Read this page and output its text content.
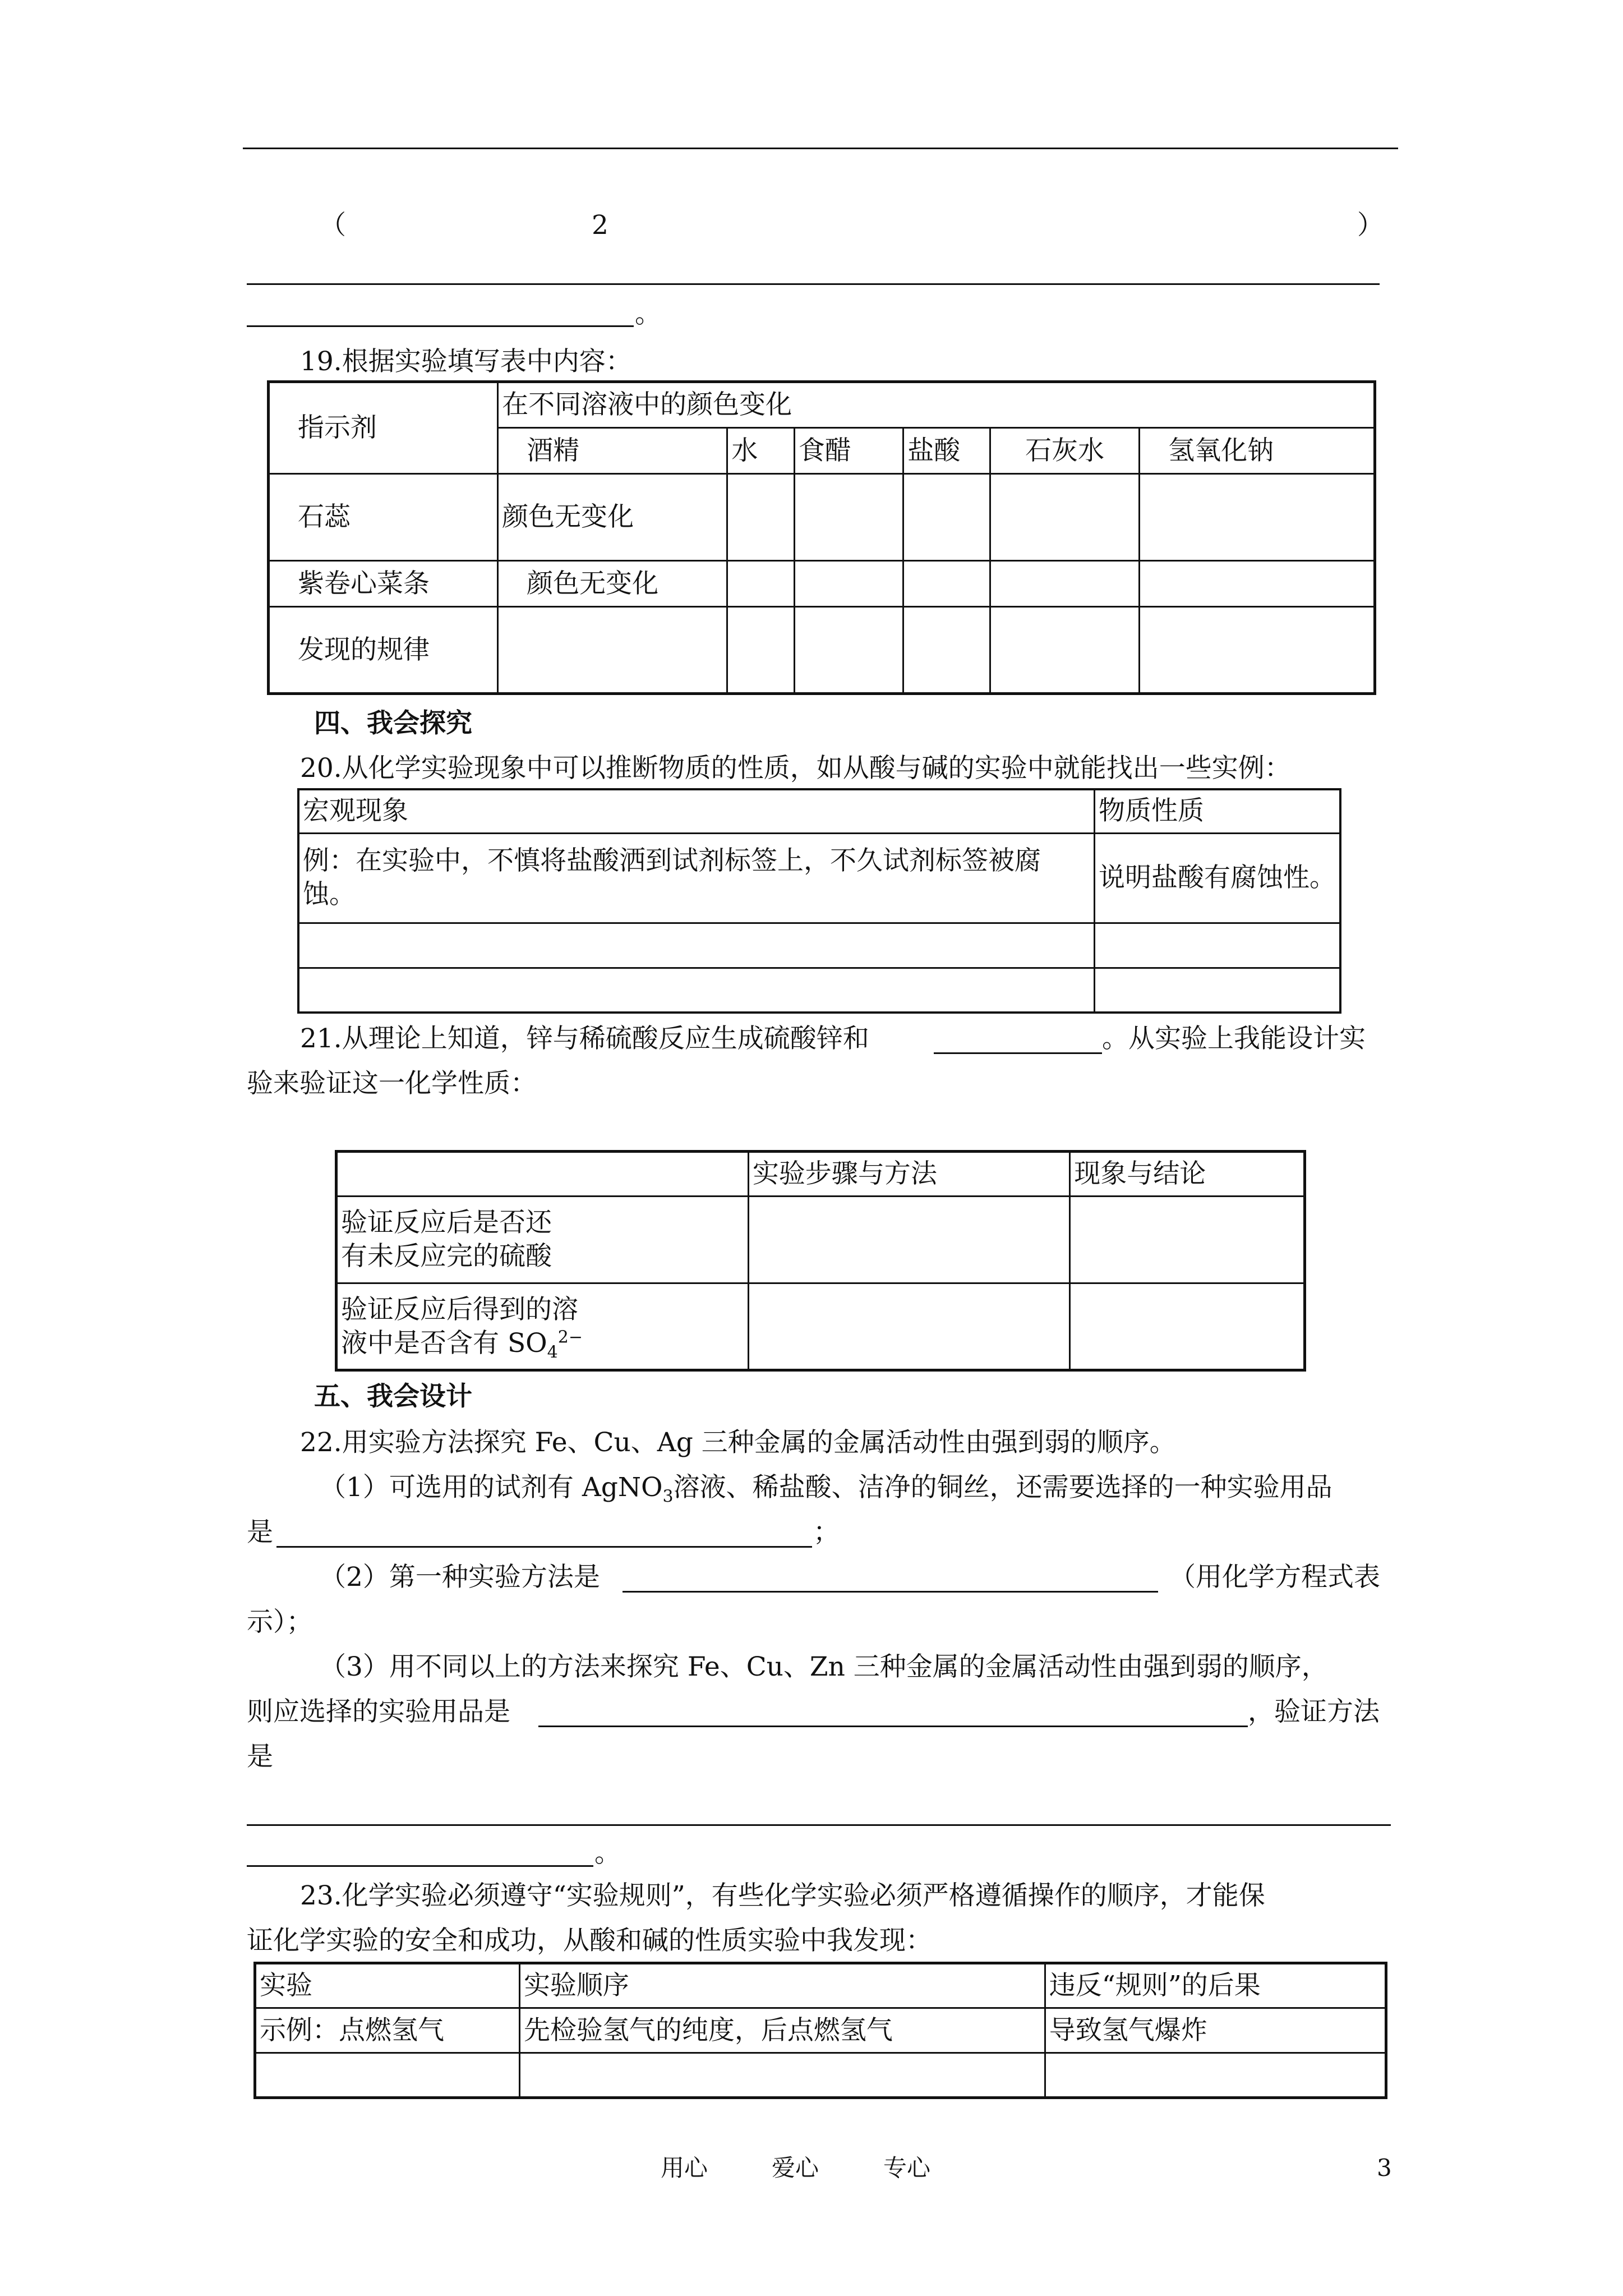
（	2	）
。
19.根据实验填写表中内容：
指示剂	在不同溶液中的颜色变化					
	酒精	水	食醋	盐酸	石灰水	氢氧化钠
石蕊	颜色无变化					
紫卷心菜条	颜色无变化					
发现的规律						
四、我会探究
20.从化学实验现象中可以推断物质的性质，如从酸与碱的实验中就能找出一些实例：
宏观现象	物质性质

例：在实验中，不慎将盐酸洒到试剂标签上，不久试剂标签被腐
蚀。	说明盐酸有腐蚀性。

21.从理论上知道，锌与稀硫酸反应生成硫酸锌和	。从实验上我能设计实
验来验证这一化学性质：
	实验步骤与方法	现象与结论

验证反应后是否还
有未反应完的硫酸		

验证反应后得到的溶
液中是否含有 $SO_4^{2-}$

五、我会设计
22.用实验方法探究 Fe、Cu、Ag 三种金属的金属活动性由强到弱的顺序。
（1）可选用的试剂有 AgNO$_3$溶液、稀盐酸、洁净的铜丝，还需要选择的一种实验用品
是	；
（2）第一种实验方法是	（用化学方程式表
示）；
（3）用不同以上的方法来探究 Fe、Cu、Zn 三种金属的金属活动性由强到弱的顺序，
则应选择的实验用品是	，验证方法
是
。
23.化学实验必须遵守“实验规则”，有些化学实验必须严格遵循操作的顺序，才能保
证化学实验的安全和成功，从酸和碱的性质实验中我发现：
实验	实验顺序	违反“规则”的后果
示例：点燃氢气	先检验氢气的纯度，后点燃氢气	导致氢气爆炸

用心	爱心	专心	3
